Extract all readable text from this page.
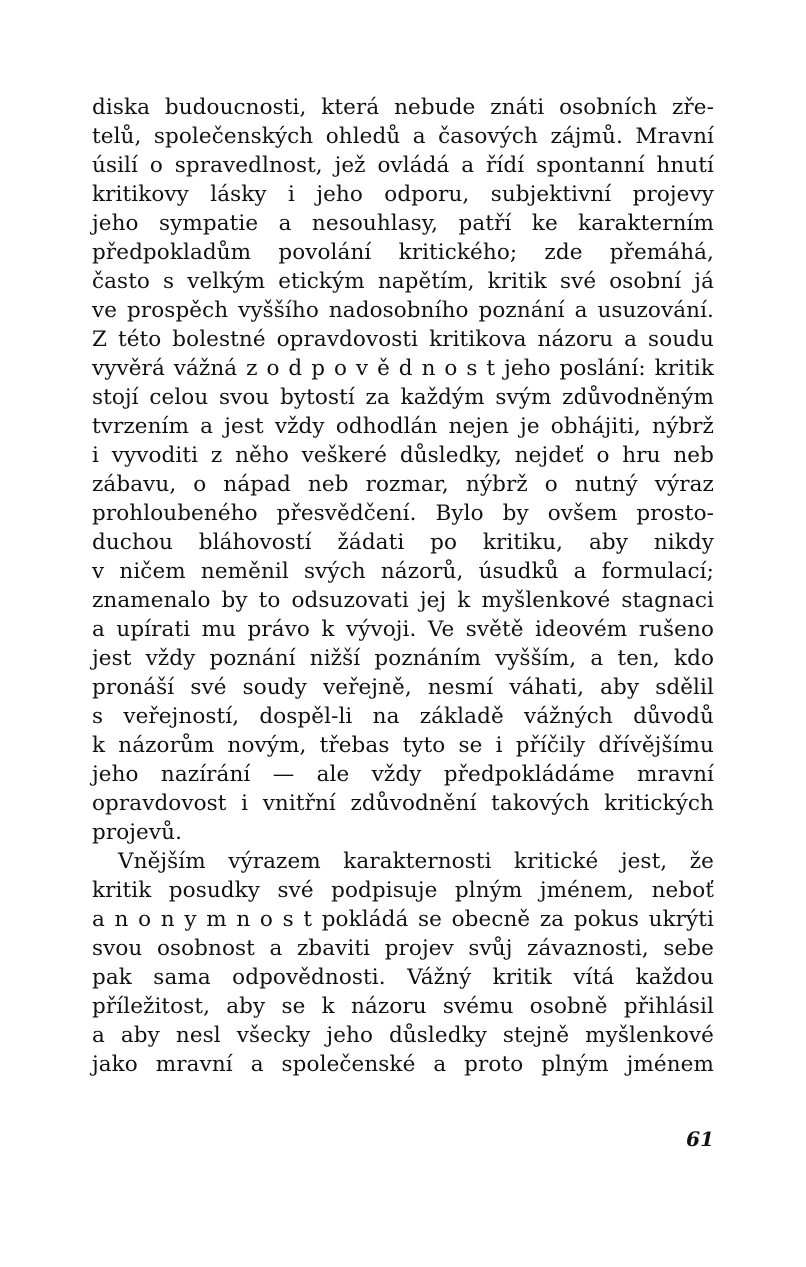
diska budoucnosti, která nebude znáti osobních zře-
telů, společenských ohledů a časových zájmů. Mravní
úsilí o spravedlnost, jež ovládá a řídí spontanní hnutí
kritikovy lásky i jeho odporu, subjektivní projevy
jeho sympatie a nesouhlasy, patří ke karakterním
předpokladům povolání kritického; zde přemáhá,
často s velkým etickým napětím, kritik své osobní já
ve prospěch vyššího nadosobního poznání a usuzování.
Z této bolestné opravdovosti kritikova názoru a soudu
vyvěrá vážná z o d p o v ě d n o s t jeho poslání: kritik
stojí celou svou bytostí za každým svým zdůvodněným
tvrzením a jest vždy odhodlán nejen je obhájiti, nýbrž
i vyvoditi z něho veškeré důsledky, nejdeť o hru neb
zábavu, o nápad neb rozmar, nýbrž o nutný výraz
prohloubeného přesvědčení. Bylo by ovšem prosto-
duchou bláhovostí žádati po kritiku, aby nikdy
v ničem neměnil svých názorů, úsudků a formulací;
znamenalo by to odsuzovati jej k myšlenkové stagnaci
a upírati mu právo k vývoji. Ve světě ideovém rušeno
jest vždy poznání nižší poznáním vyšším, a ten, kdo
pronáší své soudy veřejně, nesmí váhati, aby sdělil
s veřejností, dospěl-li na základě vážných důvodů
k názorům novým, třebas tyto se i příčily dřívějšímu
jeho nazírání — ale vždy předpokládáme mravní
opravdovost i vnitřní zdůvodnění takových kritických
projevů.
Vnějším výrazem karakternosti kritické jest, že
kritik posudky své podpisuje plným jménem, neboť
a n o n y m n o s t pokládá se obecně za pokus ukrýti
svou osobnost a zbaviti projev svůj závaznosti, sebe
pak sama odpovědnosti. Vážný kritik vítá každou
příležitost, aby se k názoru svému osobně přihlásil
a aby nesl všecky jeho důsledky stejně myšlenkové
jako mravní a společenské a proto plným jménem
61
